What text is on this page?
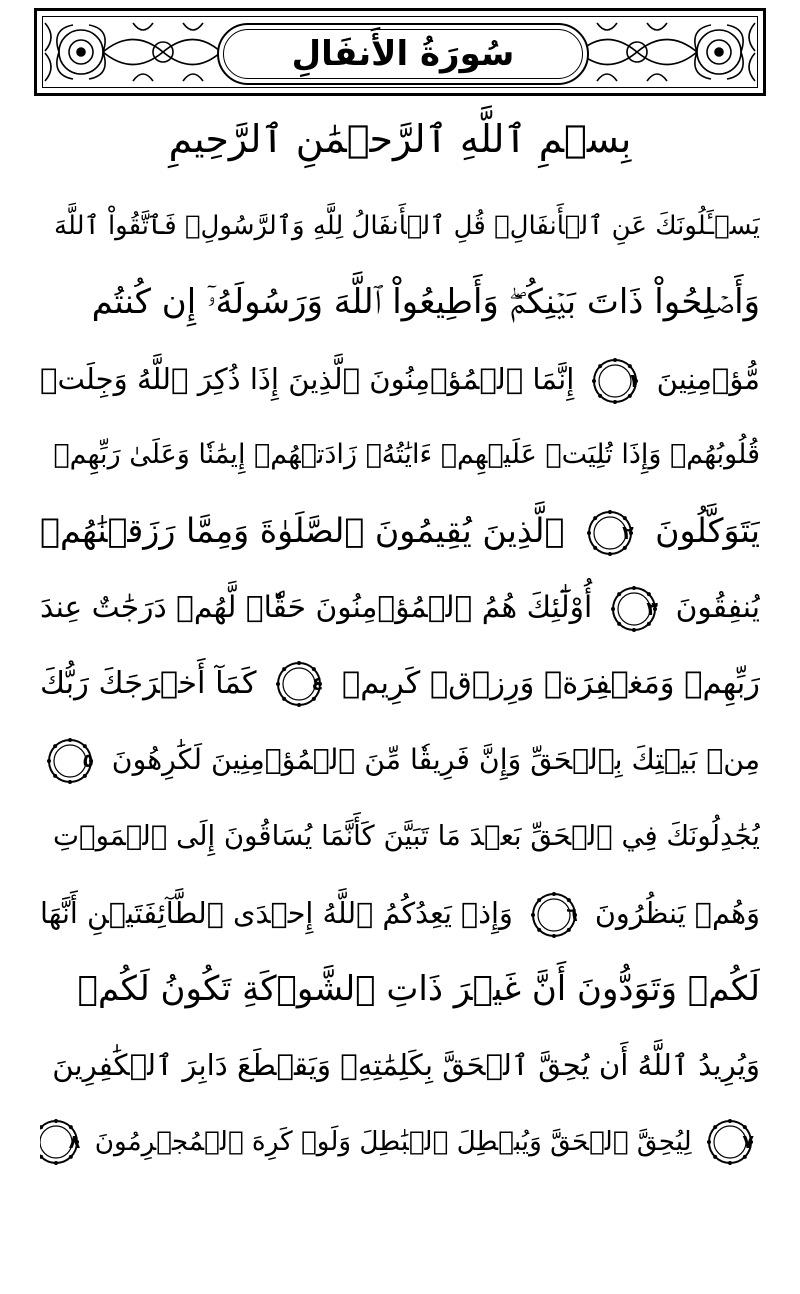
سُورَةُ الأَنفَالِ
بِسۡمِ ٱللَّهِ ٱلرَّحۡمَٰنِ ٱلرَّحِيمِ
يَسۡـَٔلُونَكَ عَنِ ٱلۡأَنفَالِۖ قُلِ ٱلۡأَنفَالُ لِلَّهِ وَٱلرَّسُولِۖ فَٱتَّقُواْ ٱللَّهَ
وَأَصۡلِحُواْ ذَاتَ بَيۡنِكُمۡۖ وَأَطِيعُواْ ٱللَّهَ وَرَسُولَهُۥٓ إِن كُنتُم
مُّؤۡمِنِينَ
١
إِنَّمَا ٱلۡمُؤۡمِنُونَ ٱلَّذِينَ إِذَا ذُكِرَ ٱللَّهُ وَجِلَتۡ
قُلُوبُهُمۡ وَإِذَا تُلِيَتۡ عَلَيۡهِمۡ ءَايَٰتُهُۥ زَادَتۡهُمۡ إِيمَٰنٗا وَعَلَىٰ رَبِّهِمۡ
يَتَوَكَّلُونَ
٢
ٱلَّذِينَ يُقِيمُونَ ٱلصَّلَوٰةَ وَمِمَّا رَزَقۡنَٰهُمۡ
يُنفِقُونَ
٣
أُوْلَٰٓئِكَ هُمُ ٱلۡمُؤۡمِنُونَ حَقّٗاۚ لَّهُمۡ دَرَجَٰتٌ عِندَ
رَبِّهِمۡ وَمَغۡفِرَةٞ وَرِزۡقٞ كَرِيمٞ
٤
كَمَآ أَخۡرَجَكَ رَبُّكَ
مِنۢ بَيۡتِكَ بِٱلۡحَقِّ وَإِنَّ فَرِيقٗا مِّنَ ٱلۡمُؤۡمِنِينَ لَكَٰرِهُونَ
٥
يُجَٰدِلُونَكَ فِي ٱلۡحَقِّ بَعۡدَ مَا تَبَيَّنَ كَأَنَّمَا يُسَاقُونَ إِلَى ٱلۡمَوۡتِ
وَهُمۡ يَنظُرُونَ
٦
وَإِذۡ يَعِدُكُمُ ٱللَّهُ إِحۡدَى ٱلطَّآئِفَتَيۡنِ أَنَّهَا
لَكُمۡ وَتَوَدُّونَ أَنَّ غَيۡرَ ذَاتِ ٱلشَّوۡكَةِ تَكُونُ لَكُمۡ
وَيُرِيدُ ٱللَّهُ أَن يُحِقَّ ٱلۡحَقَّ بِكَلِمَٰتِهِۦ وَيَقۡطَعَ دَابِرَ ٱلۡكَٰفِرِينَ
٧
لِيُحِقَّ ٱلۡحَقَّ وَيُبۡطِلَ ٱلۡبَٰطِلَ وَلَوۡ كَرِهَ ٱلۡمُجۡرِمُونَ
٨
